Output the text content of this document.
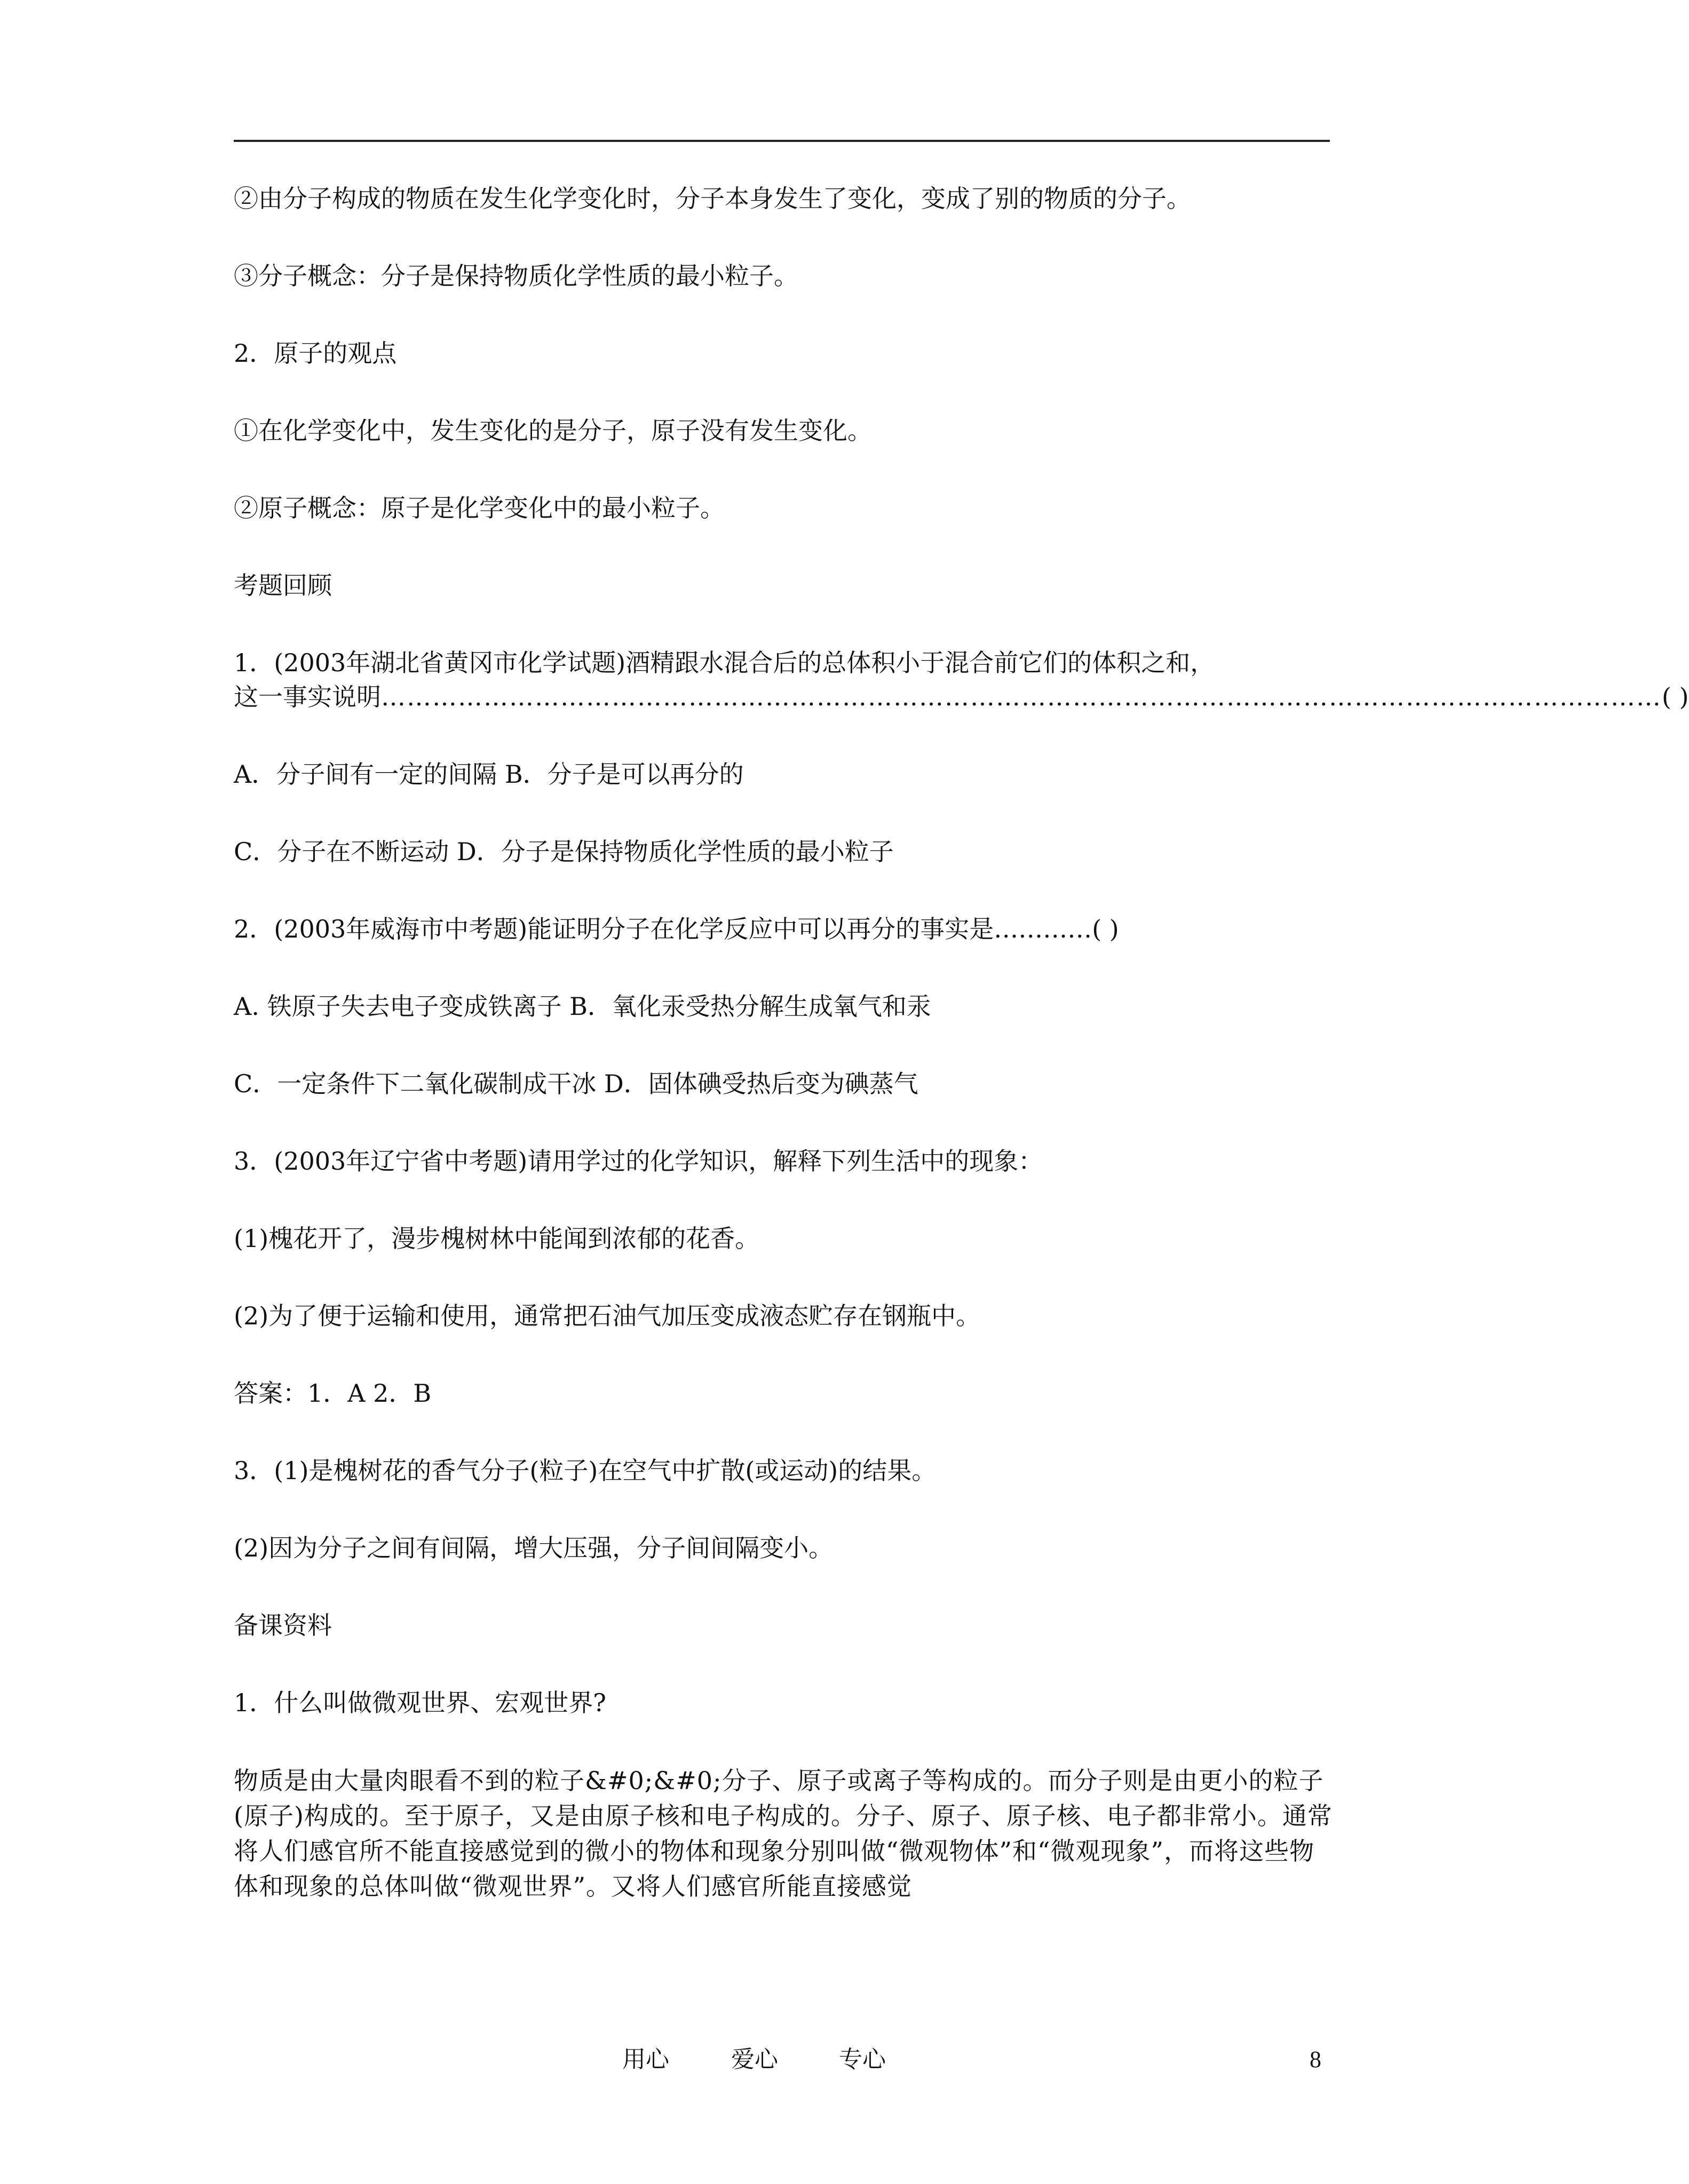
②由分子构成的物质在发生化学变化时，分子本身发生了变化，变成了别的物质的分子。

③分子概念：分子是保持物质化学性质的最小粒子。

2．原子的观点

①在化学变化中，发生变化的是分子，原子没有发生变化。

②原子概念：原子是化学变化中的最小粒子。

考题回顾

1．(2003年湖北省黄冈市化学试题)酒精跟水混合后的总体积小于混合前它们的体积之和，
这一事实说明 …………………………………………………………………………………………………………………………………… ( )

A．分子间有一定的间隔 B．分子是可以再分的

C．分子在不断运动 D．分子是保持物质化学性质的最小粒子

2．(2003年威海市中考题)能证明分子在化学反应中可以再分的事实是…………( )

A. 铁原子失去电子变成铁离子 B．氧化汞受热分解生成氧气和汞

C．一定条件下二氧化碳制成干冰 D．固体碘受热后变为碘蒸气

3．(2003年辽宁省中考题)请用学过的化学知识，解释下列生活中的现象：

(1)槐花开了，漫步槐树林中能闻到浓郁的花香。

(2)为了便于运输和使用，通常把石油气加压变成液态贮存在钢瓶中。

答案：1．A 2．B

3．(1)是槐树花的香气分子(粒子)在空气中扩散(或运动)的结果。

(2)因为分子之间有间隔，增大压强，分子间间隔变小。

备课资料

1．什么叫做微观世界、宏观世界?

物质是由大量肉眼看不到的粒子&#0;&#0;分子、原子或离子等构成的。而分子则是由更小的粒子(原子)构成的。至于原子，又是由原子核和电子构成的。分子、原子、原子核、电子都非常小。通常将人们感官所不能直接感觉到的微小的物体和现象分别叫做“微观物体”和“微观现象”，而将这些物体和现象的总体叫做“微观世界”。又将人们感官所能直接感觉

用心	爱心	专心	8
